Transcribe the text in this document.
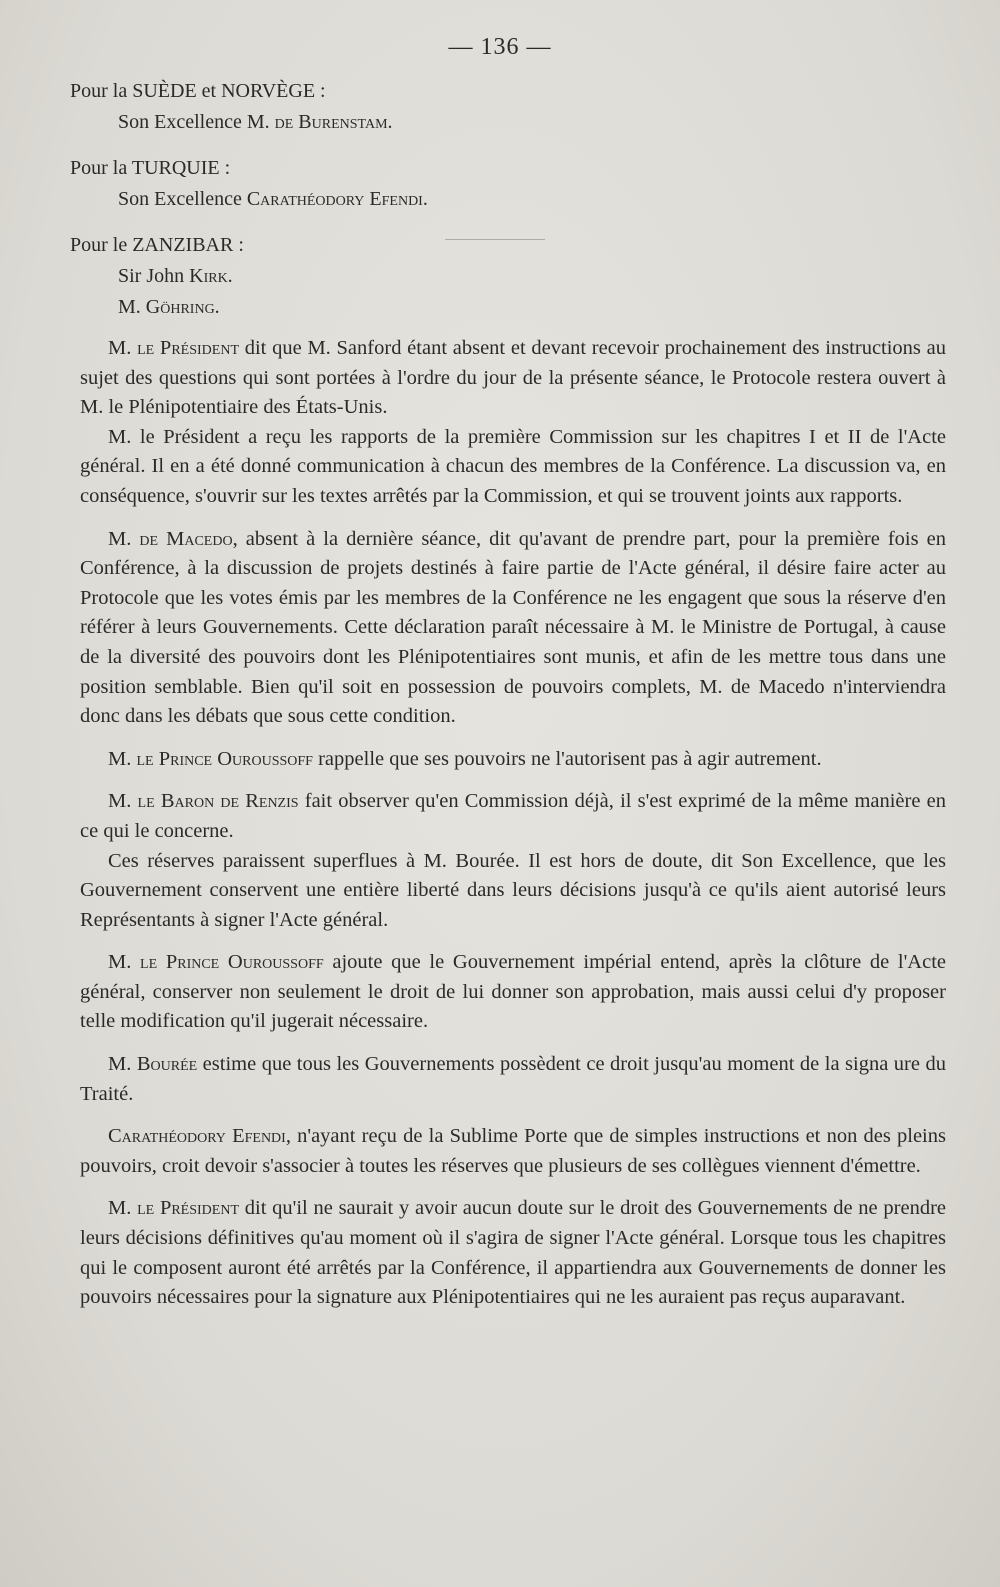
— 136 —

Pour la SUÈDE et NORVÈGE :

Son Excellence M. de Burenstam.

Pour la TURQUIE :

Son Excellence Carathéodory Efendi.

Pour le ZANZIBAR :

Sir John Kirk.

M. Göhring.

M. le Président dit que M. Sanford étant absent et devant recevoir prochainement des instructions au sujet des questions qui sont portées à l'ordre du jour de la présente séance, le Protocole restera ouvert à M. le Plénipotentiaire des États-Unis.

M. le Président a reçu les rapports de la première Commission sur les chapitres I et II de l'Acte général. Il en a été donné communication à chacun des membres de la Conférence. La discussion va, en conséquence, s'ouvrir sur les textes arrêtés par la Commission, et qui se trouvent joints aux rapports.

M. de Macedo, absent à la dernière séance, dit qu'avant de prendre part, pour la première fois en Conférence, à la discussion de projets destinés à faire partie de l'Acte général, il désire faire acter au Protocole que les votes émis par les membres de la Conférence ne les engagent que sous la réserve d'en référer à leurs Gouvernements. Cette déclaration paraît nécessaire à M. le Ministre de Portugal, à cause de la diversité des pouvoirs dont les Plénipotentiaires sont munis, et afin de les mettre tous dans une position semblable. Bien qu'il soit en possession de pouvoirs complets, M. de Macedo n'interviendra donc dans les débats que sous cette condition.

M. le Prince Ouroussoff rappelle que ses pouvoirs ne l'autorisent pas à agir autrement.

M. le Baron de Renzis fait observer qu'en Commission déjà, il s'est exprimé de la même manière en ce qui le concerne.

Ces réserves paraissent superflues à M. Bourée. Il est hors de doute, dit Son Excellence, que les Gouvernement conservent une entière liberté dans leurs décisions jusqu'à ce qu'ils aient autorisé leurs Représentants à signer l'Acte général.

M. le Prince Ouroussoff ajoute que le Gouvernement impérial entend, après la clôture de l'Acte général, conserver non seulement le droit de lui donner son approbation, mais aussi celui d'y proposer telle modification qu'il jugerait nécessaire.

M. Bourée estime que tous les Gouvernements possèdent ce droit jusqu'au moment de la signa ure du Traité.

Carathéodory Efendi, n'ayant reçu de la Sublime Porte que de simples instructions et non des pleins pouvoirs, croit devoir s'associer à toutes les réserves que plusieurs de ses collègues viennent d'émettre.

M. le Président dit qu'il ne saurait y avoir aucun doute sur le droit des Gouvernements de ne prendre leurs décisions définitives qu'au moment où il s'agira de signer l'Acte général. Lorsque tous les chapitres qui le composent auront été arrêtés par la Conférence, il appartiendra aux Gouvernements de donner les pouvoirs nécessaires pour la signature aux Plénipotentiaires qui ne les auraient pas reçus auparavant.
